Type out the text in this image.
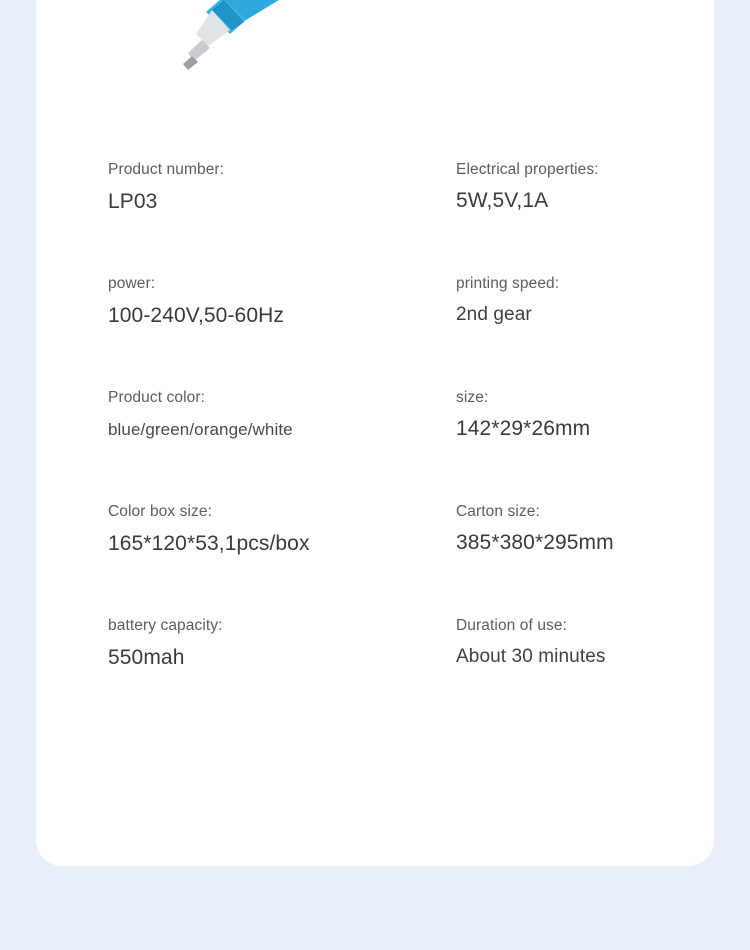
Product number:
LP03
Electrical properties:
5W,5V,1A
power:
100-240V,50-60Hz
printing speed:
2nd gear
Product color:
blue/green/orange/white
size:
142*29*26mm
Color box size:
165*120*53,1pcs/box
Carton size:
385*380*295mm
battery capacity:
550mah
Duration of use:
About 30 minutes
